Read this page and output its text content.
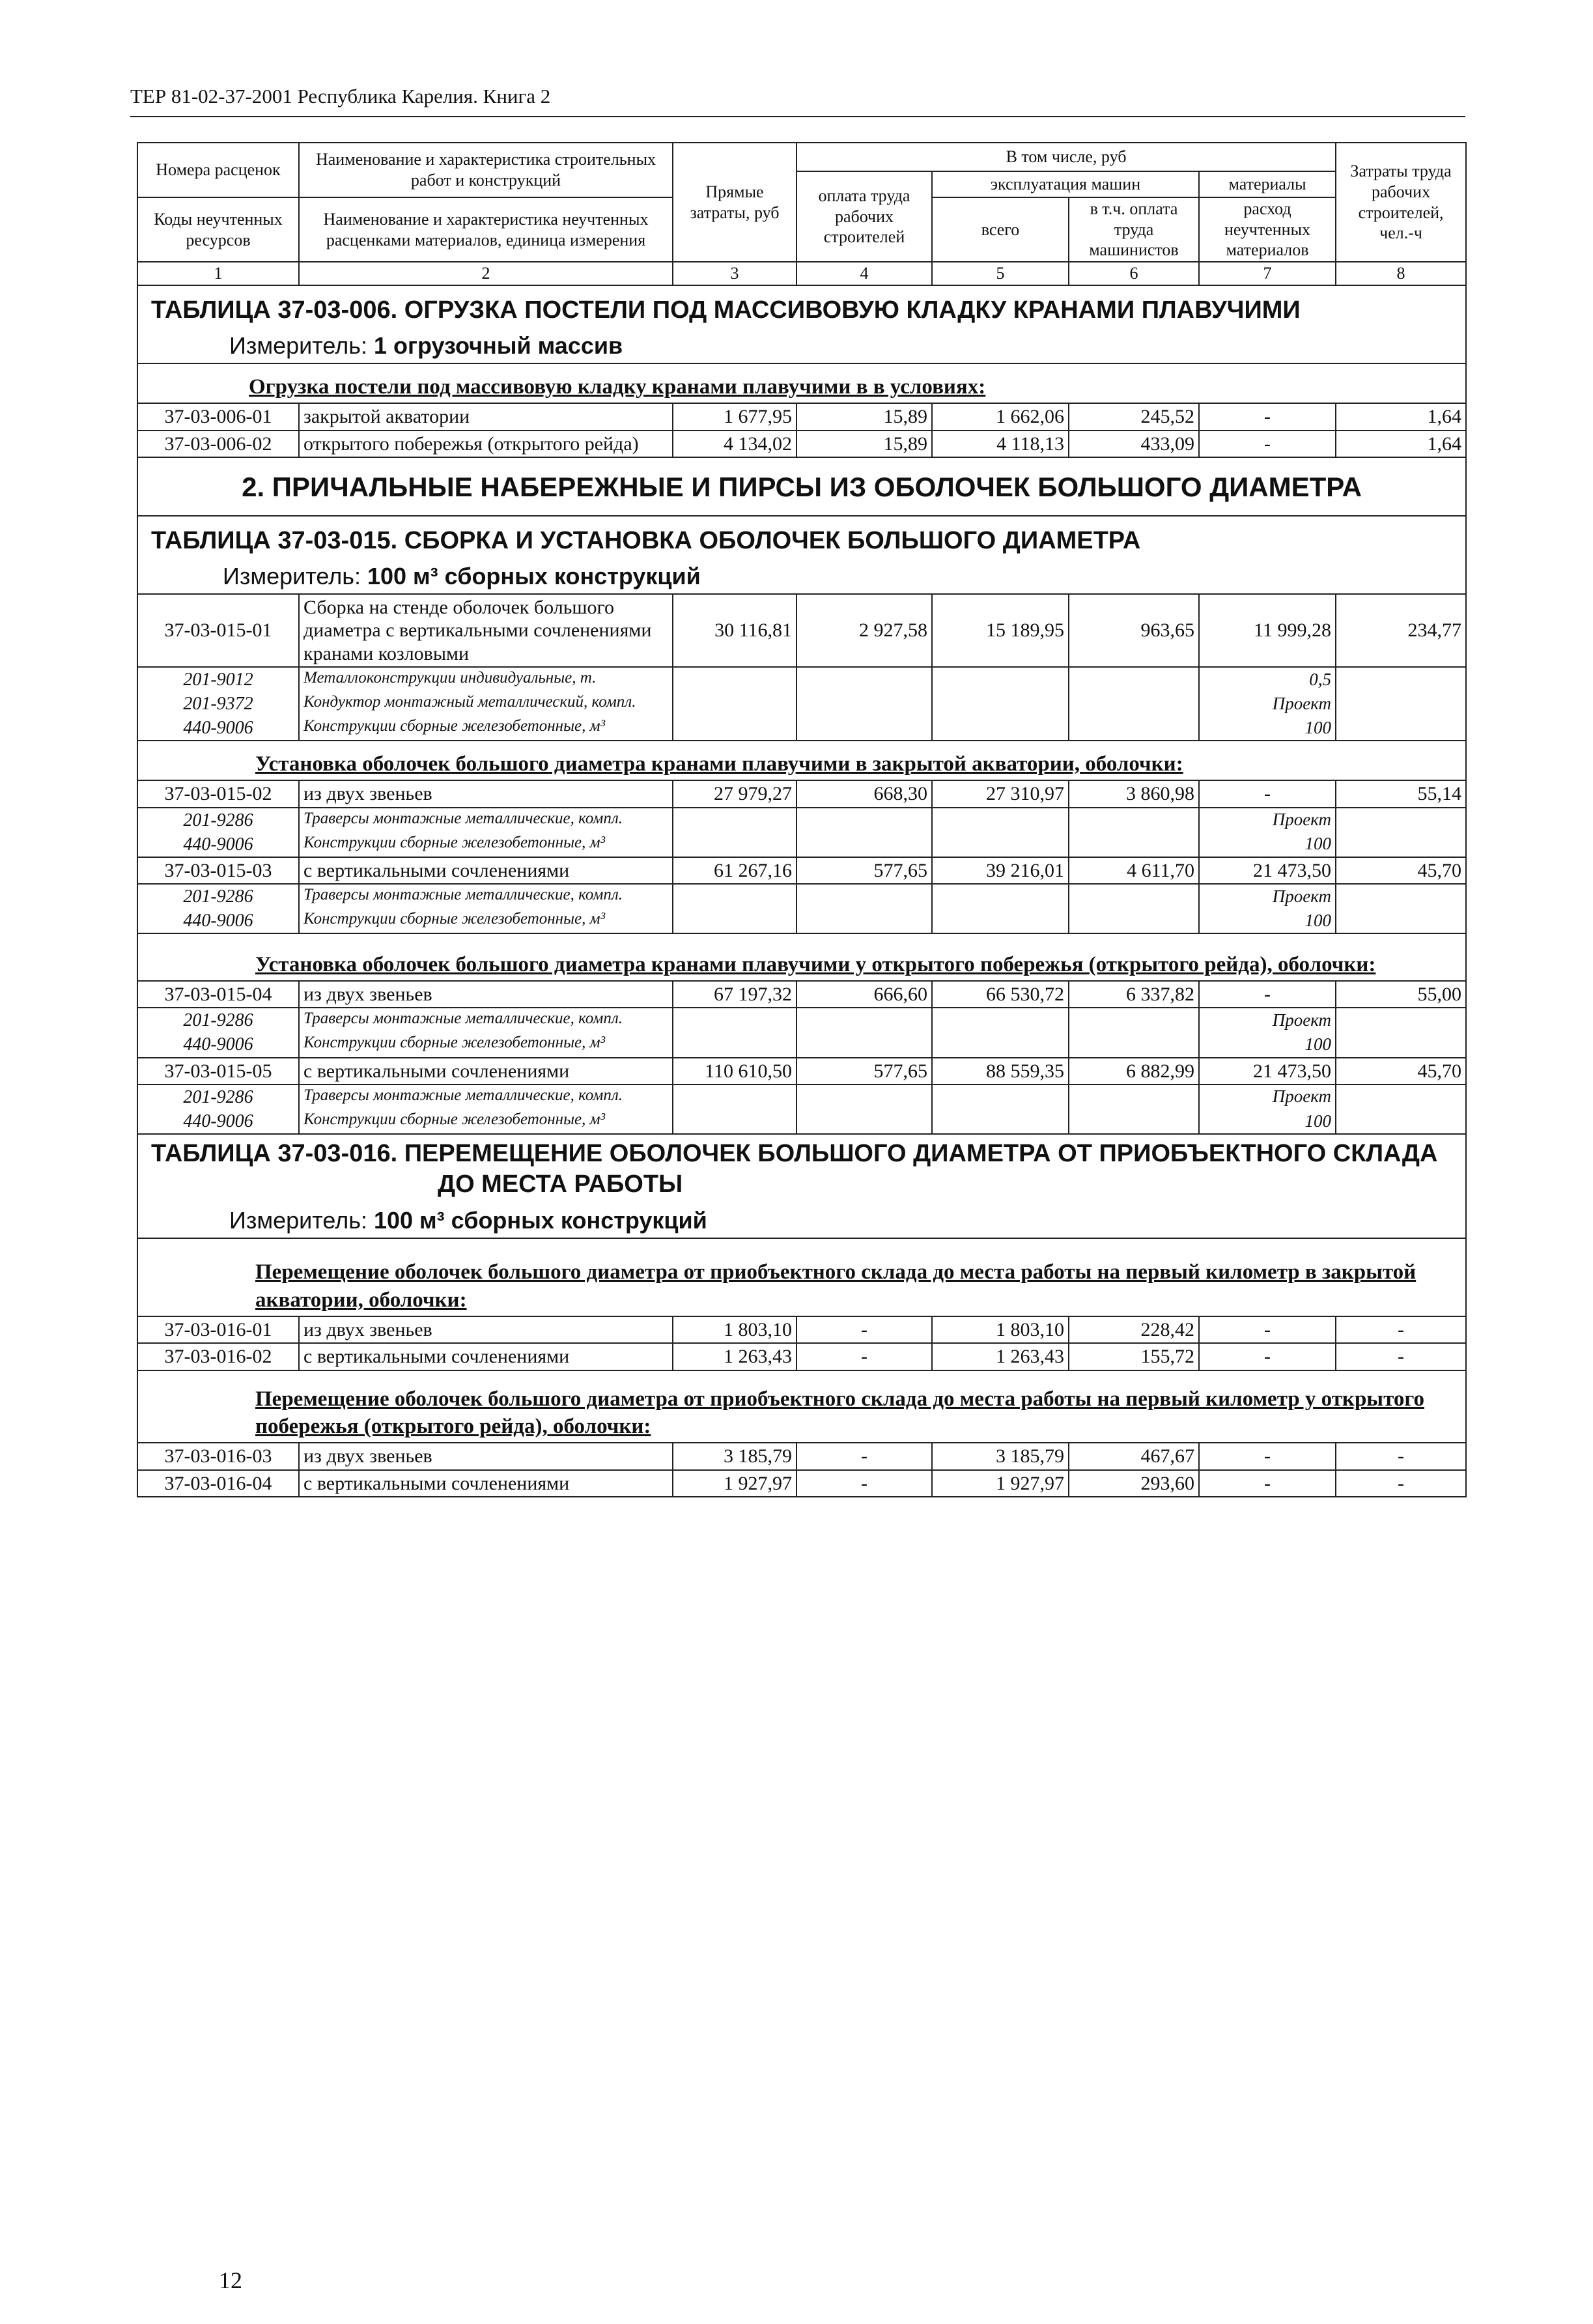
ТЕР 81-02-37-2001 Республика Карелия. Книга 2
Номера расценок	Наименование и характеристика строительных работ и конструкций	Прямые затраты, руб	В том числе, руб				Затраты труда рабочих строителей, чел.-ч
			оплата труда рабочих строителей	эксплуатация машин		материалы	
Коды неучтенных ресурсов	Наименование и характеристика неучтенных расценками материалов, единица измерения			всего	в т.ч. оплата труда машинистов	расход неучтенных материалов	

1	2	3	4	5	6	7	8

ТАБЛИЦА 37-03-006. ОГРУЗКА ПОСТЕЛИ ПОД МАССИВОВУЮ КЛАДКУ КРАНАМИ ПЛАВУЧИМИ
Измеритель: 1 огрузочный массив							

Огрузка постели под массивовую кладку кранами плавучими в в условиях:							
37-03-006-01	закрытой акватории	1 677,95	15,89	1 662,06	245,52	-	1,64
37-03-006-02	открытого побережья (открытого рейда)	4 134,02	15,89	4 118,13	433,09	-	1,64
2. ПРИЧАЛЬНЫЕ НАБЕРЕЖНЫЕ И ПИРСЫ ИЗ ОБОЛОЧЕК БОЛЬШОГО ДИАМЕТРА							
ТАБЛИЦА 37-03-015. СБОРКА И УСТАНОВКА ОБОЛОЧЕК БОЛЬШОГО ДИАМЕТРА
Измеритель: 100 м³ сборных конструкций							

37-03-015-01	Сборка на стенде оболочек большого диаметра с вертикальными сочленениями кранами козловыми	30 116,81	2 927,58	15 189,95	963,65	11 999,28	234,77
201-9012	Металлоконструкции индивидуальные, т.					0,5	
201-9372	Кондуктор монтажный металлический, компл.					Проект	
440-9006	Конструкции сборные железобетонные, м³					100	
Установка оболочек большого диаметра кранами плавучими в закрытой акватории, оболочки:							
37-03-015-02	из двух звеньев	27 979,27	668,30	27 310,97	3 860,98	-	55,14
201-9286	Траверсы монтажные металлические, компл.					Проект	
440-9006	Конструкции сборные железобетонные, м³					100	
37-03-015-03	с вертикальными сочленениями	61 267,16	577,65	39 216,01	4 611,70	21 473,50	45,70
201-9286	Траверсы монтажные металлические, компл.					Проект	
440-9006	Конструкции сборные железобетонные, м³					100	
Установка оболочек большого диаметра кранами плавучими у открытого побережья (открытого рейда), оболочки:							
37-03-015-04	из двух звеньев	67 197,32	666,60	66 530,72	6 337,82	-	55,00
201-9286	Траверсы монтажные металлические, компл.					Проект	
440-9006	Конструкции сборные железобетонные, м³					100	
37-03-015-05	с вертикальными сочленениями	110 610,50	577,65	88 559,35	6 882,99	21 473,50	45,70
201-9286	Траверсы монтажные металлические, компл.					Проект	
440-9006	Конструкции сборные железобетонные, м³					100	

ТАБЛИЦА 37-03-016. ПЕРЕМЕЩЕНИЕ ОБОЛОЧЕК БОЛЬШОГО ДИАМЕТРА ОТ ПРИОБЪЕКТНОГО СКЛАДА ДО МЕСТА РАБОТЫ
Измеритель: 100 м³ сборных конструкций							

Перемещение оболочек большого диаметра от приобъектного склада до места работы на первый километр в закрытой акватории, оболочки:							
37-03-016-01	из двух звеньев	1 803,10	-	1 803,10	228,42	-	-
37-03-016-02	с вертикальными сочленениями	1 263,43	-	1 263,43	155,72	-	-
Перемещение оболочек большого диаметра от приобъектного склада до места работы на первый километр у открытого побережья (открытого рейда), оболочки:							
37-03-016-03	из двух звеньев	3 185,79	-	3 185,79	467,67	-	-
37-03-016-04	с вертикальными сочленениями	1 927,97	-	1 927,97	293,60	-	-
12
